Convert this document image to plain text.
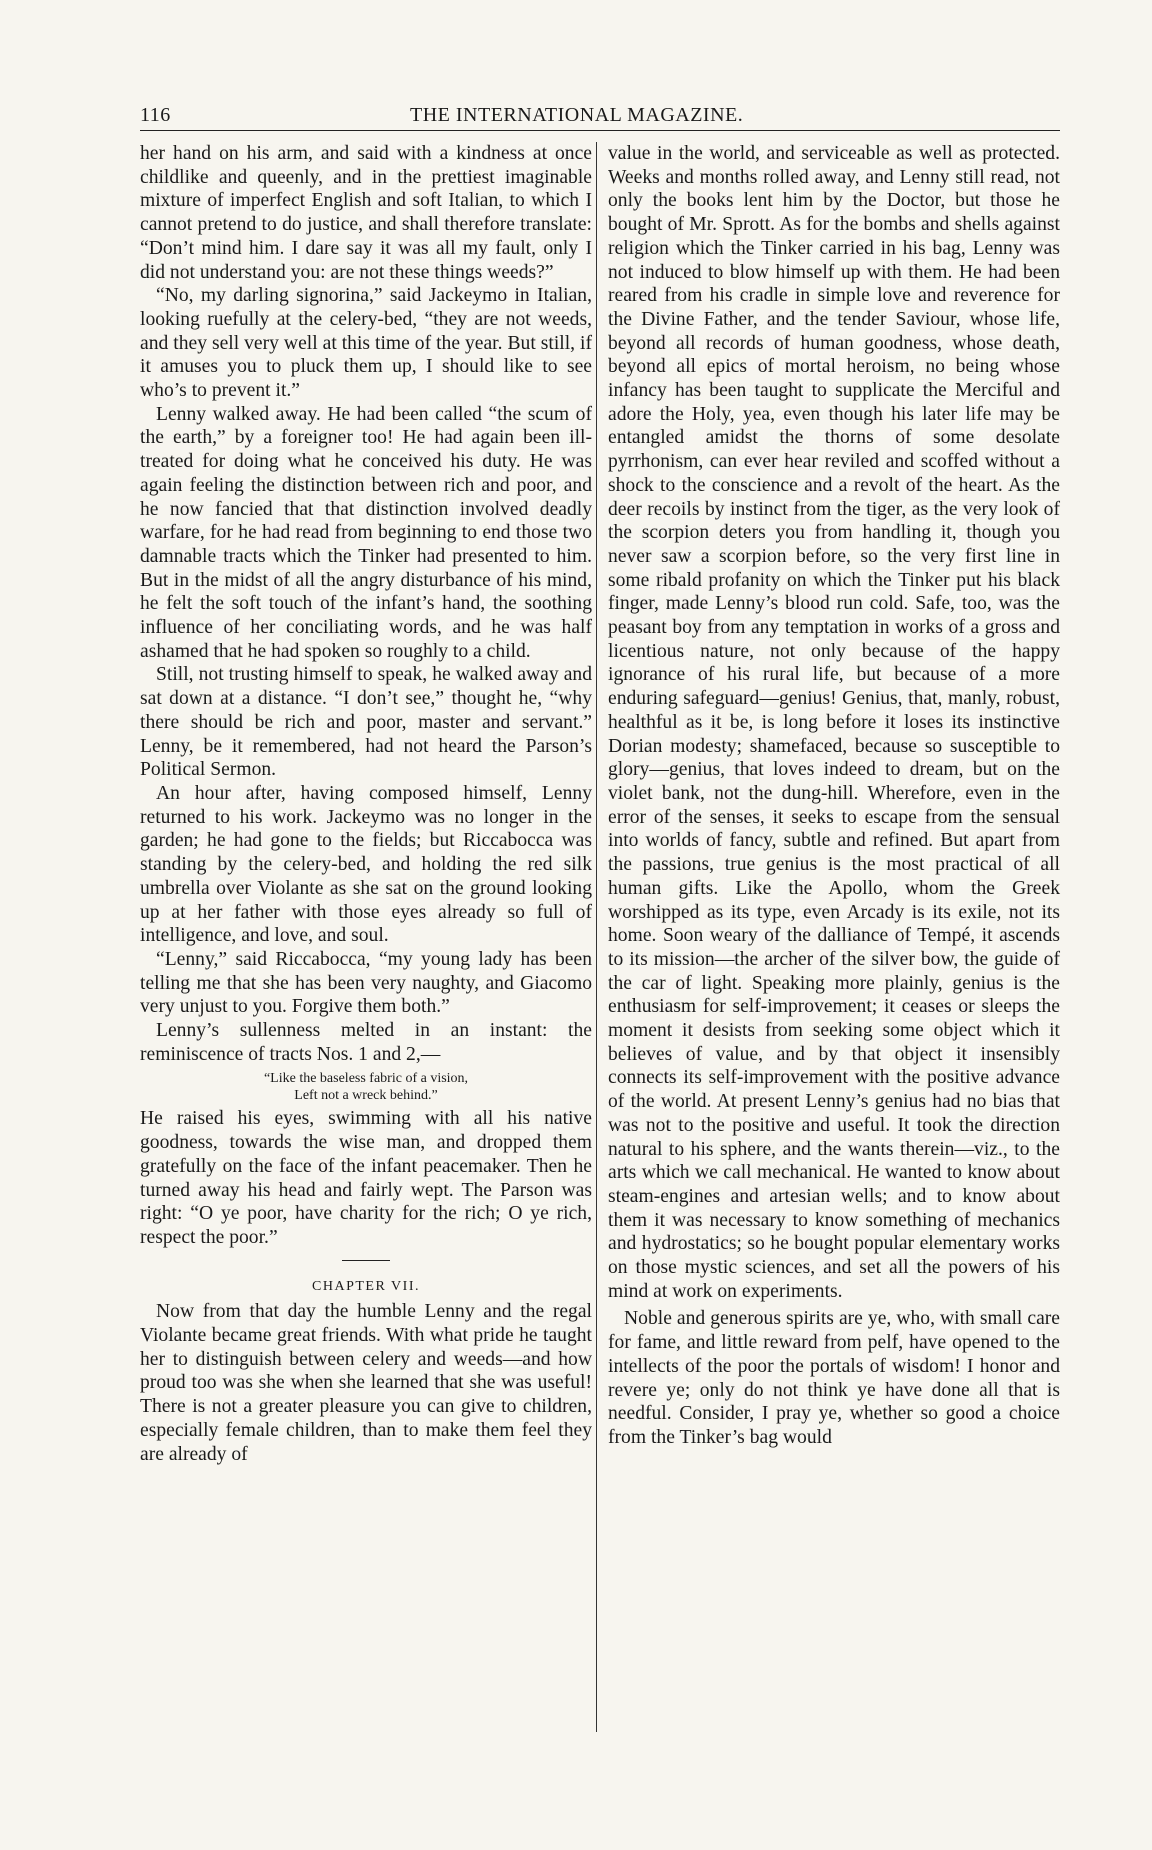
116	THE INTERNATIONAL MAGAZINE.

her hand on his arm, and said with a kindness at once childlike and queenly, and in the prettiest imaginable mixture of imperfect English and soft Italian, to which I cannot pretend to do justice, and shall therefore translate: “Don’t mind him. I dare say it was all my fault, only I did not understand you: are not these things weeds?”

“No, my darling signorina,” said Jackeymo in Italian, looking ruefully at the celery-bed, “they are not weeds, and they sell very well at this time of the year. But still, if it amuses you to pluck them up, I should like to see who’s to prevent it.”

Lenny walked away. He had been called “the scum of the earth,” by a foreigner too! He had again been ill-treated for doing what he conceived his duty. He was again feeling the distinction between rich and poor, and he now fancied that that distinction involved deadly warfare, for he had read from beginning to end those two damnable tracts which the Tinker had presented to him. But in the midst of all the angry disturbance of his mind, he felt the soft touch of the infant’s hand, the soothing influence of her conciliating words, and he was half ashamed that he had spoken so roughly to a child.

Still, not trusting himself to speak, he walked away and sat down at a distance. “I don’t see,” thought he, “why there should be rich and poor, master and servant.” Lenny, be it remembered, had not heard the Parson’s Political Sermon.

An hour after, having composed himself, Lenny returned to his work. Jackeymo was no longer in the garden; he had gone to the fields; but Riccabocca was standing by the celery-bed, and holding the red silk umbrella over Violante as she sat on the ground looking up at her father with those eyes already so full of intelligence, and love, and soul.

“Lenny,” said Riccabocca, “my young lady has been telling me that she has been very naughty, and Giacomo very unjust to you. Forgive them both.”

Lenny’s sullenness melted in an instant: the reminiscence of tracts Nos. 1 and 2,—

“Like the baseless fabric of a vision,
Left not a wreck behind.”

He raised his eyes, swimming with all his native goodness, towards the wise man, and dropped them gratefully on the face of the infant peacemaker. Then he turned away his head and fairly wept. The Parson was right: “O ye poor, have charity for the rich; O ye rich, respect the poor.”

CHAPTER VII.

Now from that day the humble Lenny and the regal Violante became great friends. With what pride he taught her to distinguish between celery and weeds—and how proud too was she when she learned that she was useful! There is not a greater pleasure you can give to children, especially female children, than to make them feel they are already of

value in the world, and serviceable as well as protected. Weeks and months rolled away, and Lenny still read, not only the books lent him by the Doctor, but those he bought of Mr. Sprott. As for the bombs and shells against religion which the Tinker carried in his bag, Lenny was not induced to blow himself up with them. He had been reared from his cradle in simple love and reverence for the Divine Father, and the tender Saviour, whose life, beyond all records of human goodness, whose death, beyond all epics of mortal heroism, no being whose infancy has been taught to supplicate the Merciful and adore the Holy, yea, even though his later life may be entangled amidst the thorns of some desolate pyrrhonism, can ever hear reviled and scoffed without a shock to the conscience and a revolt of the heart. As the deer recoils by instinct from the tiger, as the very look of the scorpion deters you from handling it, though you never saw a scorpion before, so the very first line in some ribald profanity on which the Tinker put his black finger, made Lenny’s blood run cold. Safe, too, was the peasant boy from any temptation in works of a gross and licentious nature, not only because of the happy ignorance of his rural life, but because of a more enduring safeguard—genius! Genius, that, manly, robust, healthful as it be, is long before it loses its instinctive Dorian modesty; shamefaced, because so susceptible to glory—genius, that loves indeed to dream, but on the violet bank, not the dung-hill. Wherefore, even in the error of the senses, it seeks to escape from the sensual into worlds of fancy, subtle and refined. But apart from the passions, true genius is the most practical of all human gifts. Like the Apollo, whom the Greek worshipped as its type, even Arcady is its exile, not its home. Soon weary of the dalliance of Tempé, it ascends to its mission—the archer of the silver bow, the guide of the car of light. Speaking more plainly, genius is the enthusiasm for self-improvement; it ceases or sleeps the moment it desists from seeking some object which it believes of value, and by that object it insensibly connects its self-improvement with the positive advance of the world. At present Lenny’s genius had no bias that was not to the positive and useful. It took the direction natural to his sphere, and the wants therein—viz., to the arts which we call mechanical. He wanted to know about steam-engines and artesian wells; and to know about them it was necessary to know something of mechanics and hydrostatics; so he bought popular elementary works on those mystic sciences, and set all the powers of his mind at work on experiments.

Noble and generous spirits are ye, who, with small care for fame, and little reward from pelf, have opened to the intellects of the poor the portals of wisdom! I honor and revere ye; only do not think ye have done all that is needful. Consider, I pray ye, whether so good a choice from the Tinker’s bag would
